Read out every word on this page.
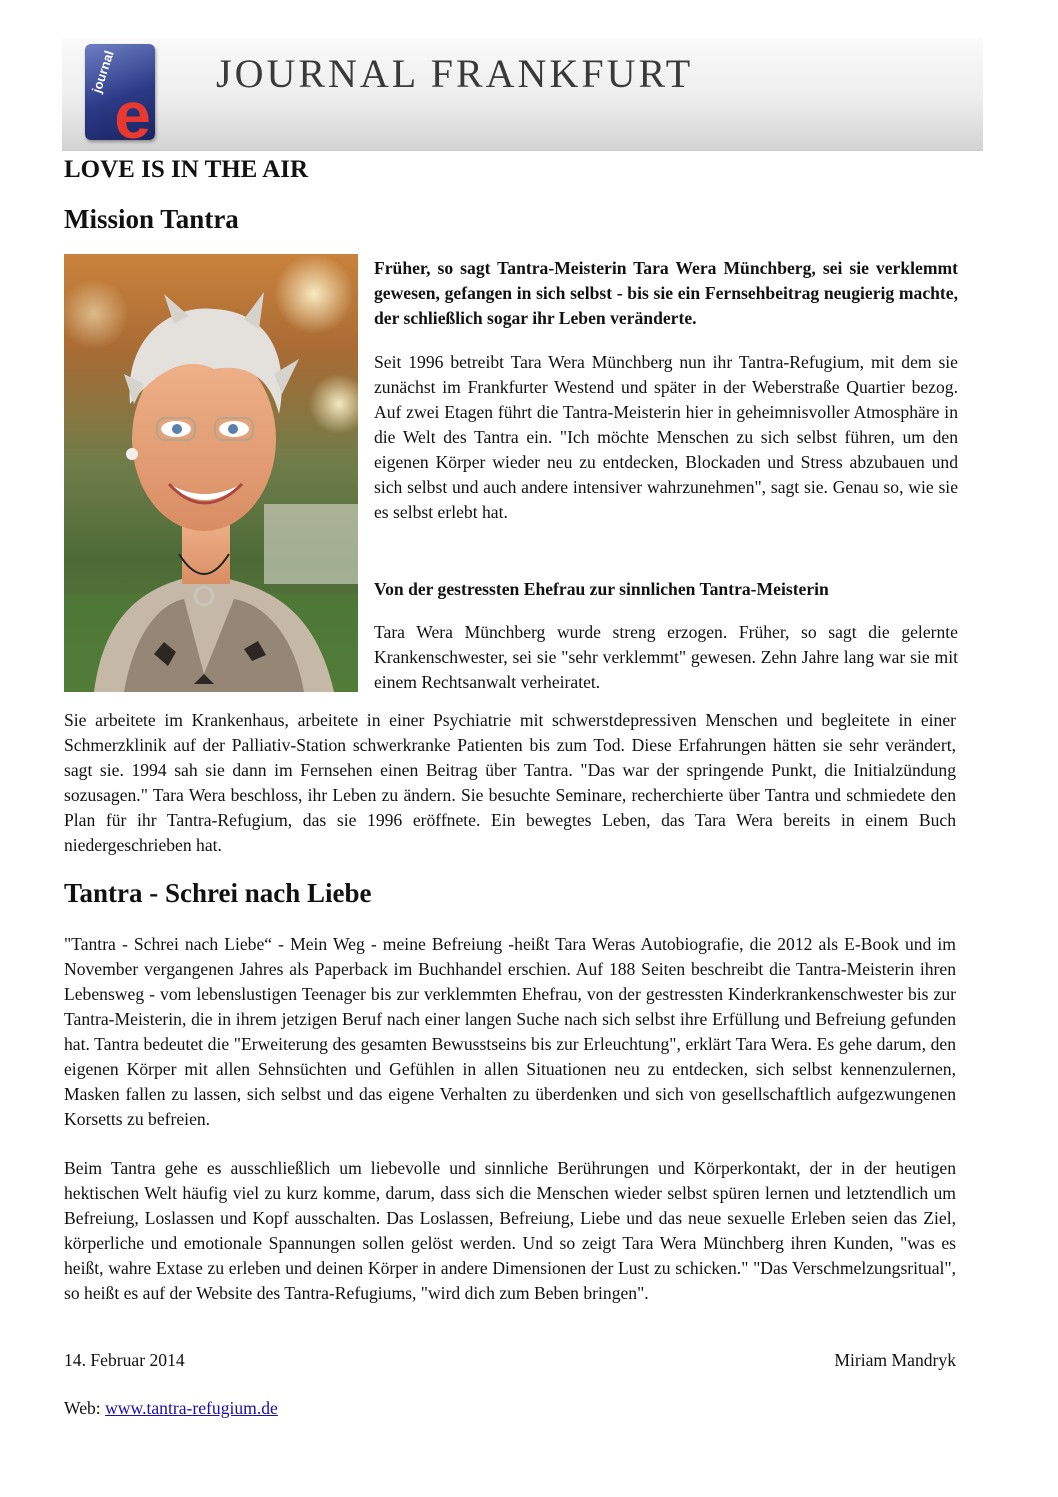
journal
e
JOURNAL FRANKFURT
LOVE IS IN THE AIR
Mission Tantra

Früher, so sagt Tantra-Meisterin Tara Wera Münchberg, sei sie verklemmt gewesen, gefangen in sich selbst - bis sie ein Fernsehbeitrag neugierig machte, der schließlich sogar ihr Leben veränderte.

Seit 1996 betreibt Tara Wera Münchberg nun ihr Tantra-Refugium, mit dem sie zunächst im Frankfurter Westend und später in der Weberstraße Quartier bezog. Auf zwei Etagen führt die Tantra-Meisterin hier in geheimnisvoller Atmosphäre in die Welt des Tantra ein. "Ich möchte Menschen zu sich selbst führen, um den eigenen Körper wieder neu zu entdecken, Blockaden und Stress abzubauen und sich selbst und auch andere intensiver wahrzunehmen", sagt sie. Genau so, wie sie es selbst erlebt hat.

Von der gestressten Ehefrau zur sinnlichen Tantra-Meisterin

Tara Wera Münchberg wurde streng erzogen. Früher, so sagt die gelernte Krankenschwester, sei sie "sehr verklemmt" gewesen. Zehn Jahre lang war sie mit einem Rechtsanwalt verheiratet.

Sie arbeitete im Krankenhaus, arbeitete in einer Psychiatrie mit schwerstdepressiven Menschen und begleitete in einer Schmerzklinik auf der Palliativ-Station schwerkranke Patienten bis zum Tod. Diese Erfahrungen hätten sie sehr verändert, sagt sie. 1994 sah sie dann im Fernsehen einen Beitrag über Tantra. "Das war der springende Punkt, die Initialzündung sozusagen." Tara Wera beschloss, ihr Leben zu ändern. Sie besuchte Seminare, recherchierte über Tantra und schmiedete den Plan für ihr Tantra-Refugium, das sie 1996 eröffnete. Ein bewegtes Leben, das Tara Wera bereits in einem Buch niedergeschrieben hat.

Tantra - Schrei nach Liebe

"Tantra - Schrei nach Liebe“ - Mein Weg - meine Befreiung -heißt Tara Weras Autobiografie, die 2012 als E-Book und im November vergangenen Jahres als Paperback im Buchhandel erschien. Auf 188 Seiten beschreibt die Tantra-Meisterin ihren Lebensweg - vom lebenslustigen Teenager bis zur verklemmten Ehefrau, von der gestressten Kinderkrankenschwester bis zur Tantra-Meisterin, die in ihrem jetzigen Beruf nach einer langen Suche nach sich selbst ihre Erfüllung und Befreiung gefunden hat. Tantra bedeutet die "Erweiterung des gesamten Bewusstseins bis zur Erleuchtung", erklärt Tara Wera. Es gehe darum, den eigenen Körper mit allen Sehnsüchten und Gefühlen in allen Situationen neu zu entdecken, sich selbst kennenzulernen, Masken fallen zu lassen, sich selbst und das eigene Verhalten zu überdenken und sich von gesellschaftlich aufgezwungenen Korsetts zu befreien.

Beim Tantra gehe es ausschließlich um liebevolle und sinnliche Berührungen und Körperkontakt, der in der heutigen hektischen Welt häufig viel zu kurz komme, darum, dass sich die Menschen wieder selbst spüren lernen und letztendlich um Befreiung, Loslassen und Kopf ausschalten. Das Loslassen, Befreiung, Liebe und das neue sexuelle Erleben seien das Ziel, körperliche und emotionale Spannungen sollen gelöst werden. Und so zeigt Tara Wera Münchberg ihren Kunden, "was es heißt, wahre Extase zu erleben und deinen Körper in andere Dimensionen der Lust zu schicken." "Das Verschmelzungsritual", so heißt es auf der Website des Tantra-Refugiums, "wird dich zum Beben bringen".

14. Februar 2014	Miriam Mandryk
Web: www.tantra-refugium.de
